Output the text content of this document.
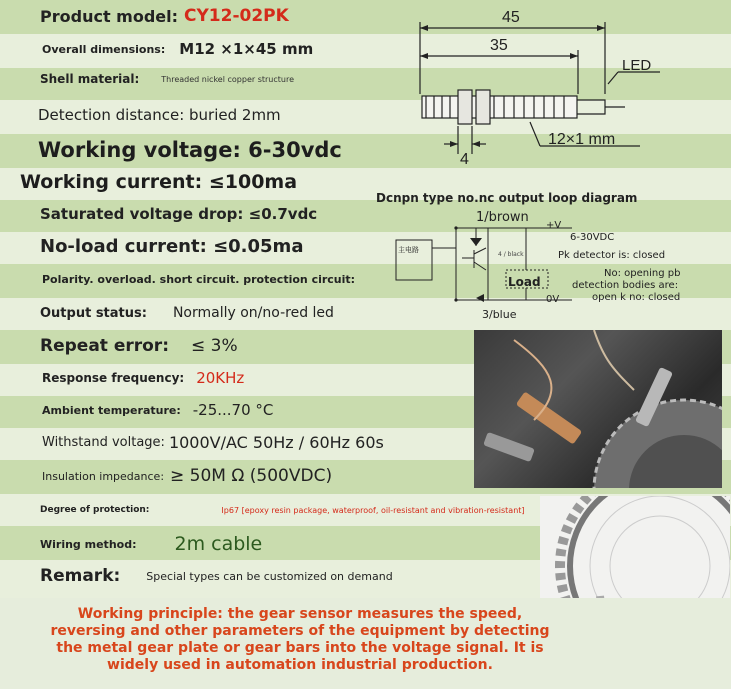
Product model: CY12-02PK
Overall dimensions: M12 ×1×45 mm
Shell material:	Threaded nickel copper structure
Detection distance: buried 2mm
Working voltage: 6-30vdc
Working current: ≤100ma
Saturated voltage drop: ≤0.7vdc
No-load current: ≤0.05ma
Polarity. overload. short circuit. protection circuit:
Output status: Normally on/no-red led
Repeat error: ≤ 3%
Response frequency: 20KHz
Ambient temperature: -25...70 °C
Withstand voltage: 1000V/AC 50Hz / 60Hz 60s
Insulation impedance: ≥ 50M Ω (500VDC)
Degree of protection:	Ip67 [epoxy resin package, waterproof, oil-resistant and vibration-resistant]
Wiring method: 2m cable
Remark: Special types can be customized on demand
45
35
LED
4
12×1 mm
Dcnpn type no.nc output loop diagram
1/brown
+V
6-30VDC
Pk detector is: closed
Load
No: opening pb
detection bodies are:
open k no: closed
0V
3/blue
4 / black
主电路
Working principle: the gear sensor measures the speed, reversing and other parameters of the equipment by detecting the metal gear plate or gear bars into the voltage signal. It is widely used in automation industrial production.
